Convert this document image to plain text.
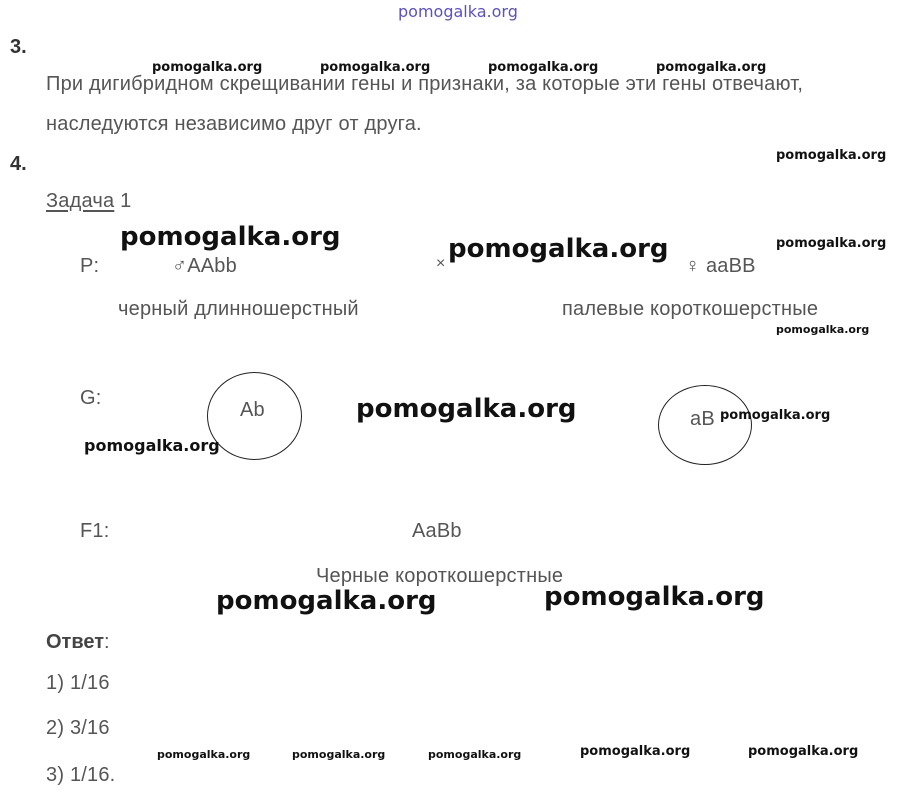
pomogalka.org
3.
При дигибридном скрещивании гены и признаки, за которые эти гены отвечают,
наследуются независимо друг от друга.
4.
Задача 1
P:	♂AAbb	×	♀ aaBB
черный длинношерстный	палевые короткошерстные
G:
Ab	aB
F1:	AaBb
Черные короткошерстные
Ответ:
1) 1/16
2) 3/16
3) 1/16.
pomogalka.org	pomogalka.org	pomogalka.org	pomogalka.org
pomogalka.org
pomogalka.org
pomogalka.org
pomogalka.org
pomogalka.org
pomogalka.org	pomogalka.org	pomogalka.org	pomogalka.org	pomogalka.org
pomogalka.org	pomogalka.org
pomogalka.org
pomogalka.org	pomogalka.org
